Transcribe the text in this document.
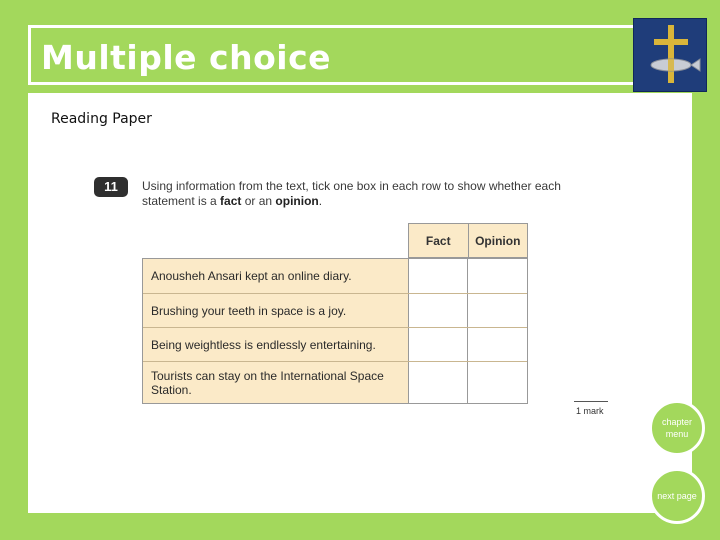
Multiple choice
Reading Paper
11	Using information from the text, tick one box in each row to show whether each statement is a fact or an opinion.
Fact	Opinion
Anousheh Ansari kept an online diary.
Brushing your teeth in space is a joy.
Being weightless is endlessly entertaining.
Tourists can stay on the International Space Station.
1 mark
chapter menu
next page
